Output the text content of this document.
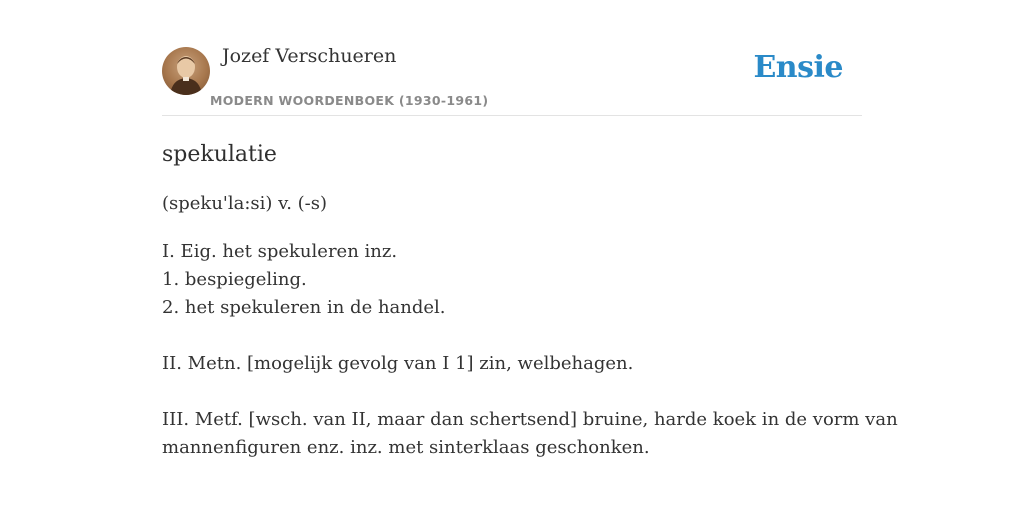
Jozef Verschueren
MODERN WOORDENBOEK (1930-1961)
Ensie
spekulatie
(speku'la:si) v. (-s)
I. Eig. het spekuleren inz.
1. bespiegeling.
2. het spekuleren in de handel.
II. Metn. [mogelijk gevolg van I 1] zin, welbehagen.
III. Metf. [wsch. van II, maar dan schertsend] bruine, harde koek in de vorm van
mannenfiguren enz. inz. met sinterklaas geschonken.
